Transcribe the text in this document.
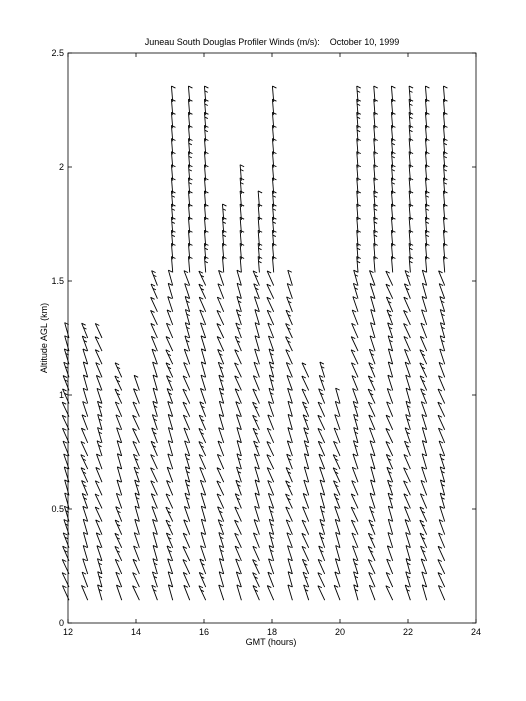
12	14	16	18	20	22	24
0
0.5
1
1.5
2
2.5
Juneau South Douglas Profiler Winds (m/s):    October 10, 1999
GMT (hours)
Altitude AGL (km)
